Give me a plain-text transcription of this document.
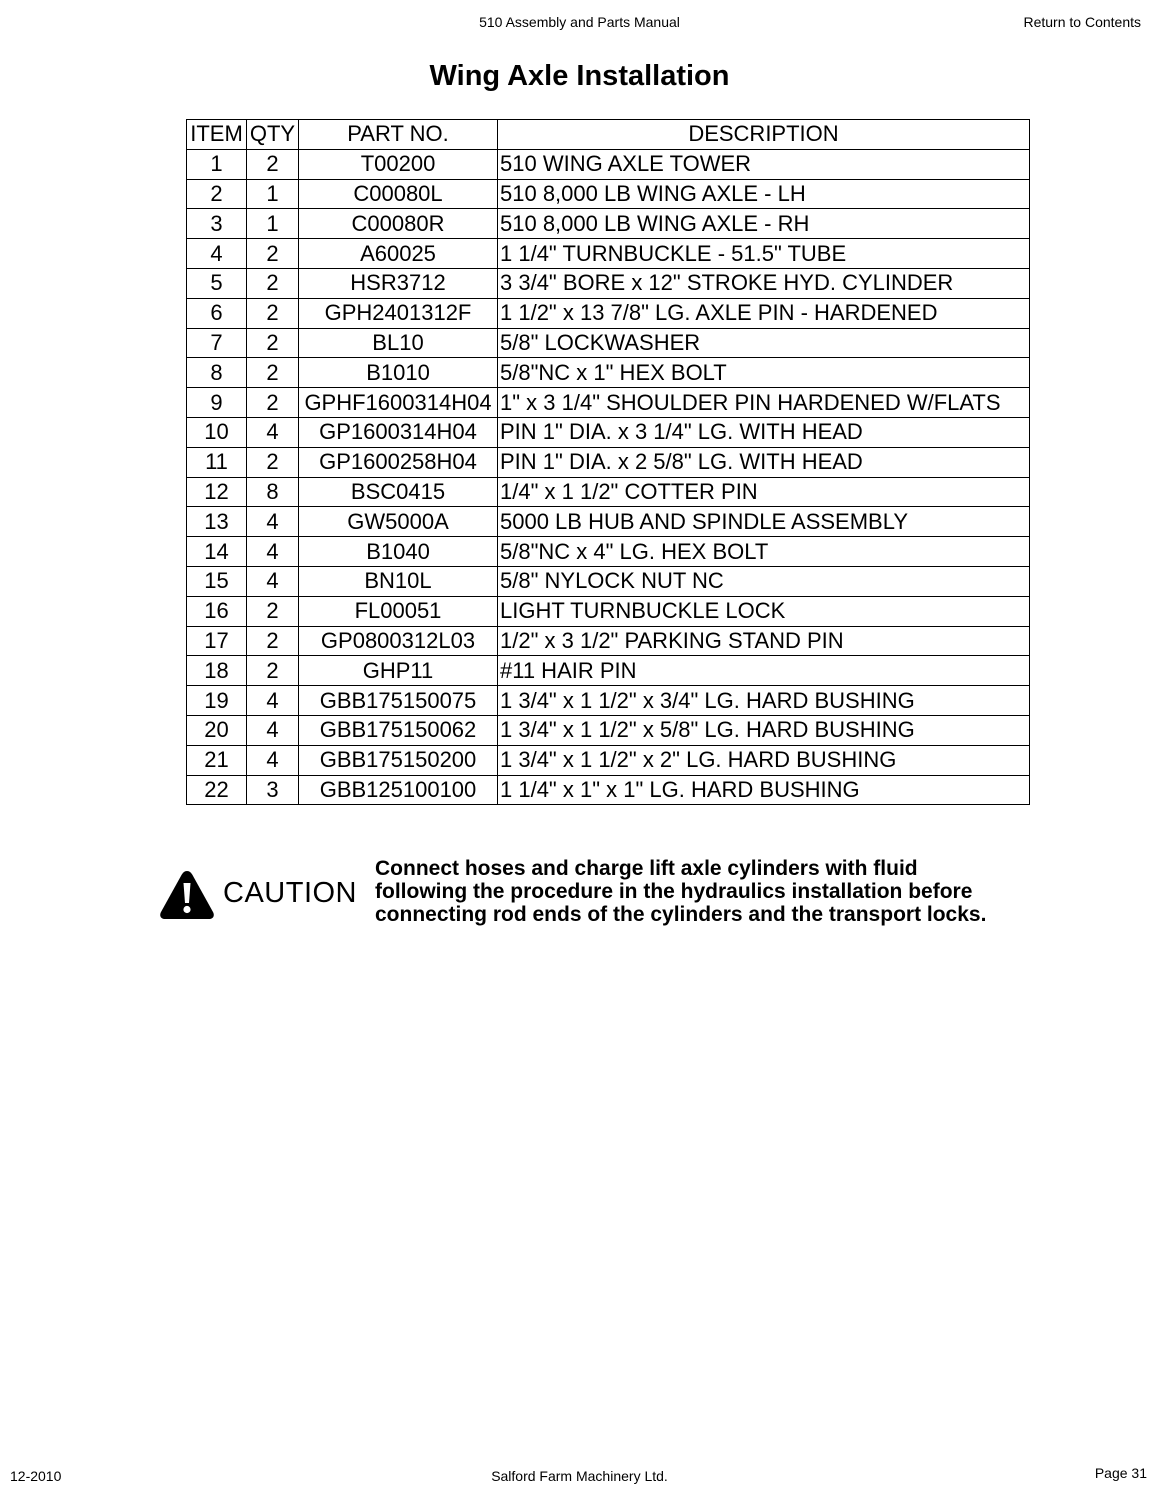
510 Assembly and Parts Manual	Return to Contents
Wing Axle Installation
ITEM	QTY	PART NO.	DESCRIPTION
1	2	T00200	510 WING AXLE TOWER
2	1	C00080L	510 8,000 LB WING AXLE - LH
3	1	C00080R	510 8,000 LB WING AXLE - RH
4	2	A60025	1 1/4" TURNBUCKLE - 51.5" TUBE
5	2	HSR3712	3 3/4" BORE x 12" STROKE HYD. CYLINDER
6	2	GPH2401312F	1 1/2" x 13 7/8" LG. AXLE PIN - HARDENED
7	2	BL10	5/8" LOCKWASHER
8	2	B1010	5/8"NC x 1" HEX BOLT
9	2	GPHF1600314H04	1" x 3 1/4" SHOULDER PIN HARDENED W/FLATS
10	4	GP1600314H04	PIN 1" DIA. x 3 1/4" LG. WITH HEAD
11	2	GP1600258H04	PIN 1" DIA. x 2 5/8" LG. WITH HEAD
12	8	BSC0415	1/4" x 1 1/2" COTTER PIN
13	4	GW5000A	5000 LB HUB AND SPINDLE ASSEMBLY
14	4	B1040	5/8"NC x 4" LG. HEX BOLT
15	4	BN10L	5/8" NYLOCK NUT NC
16	2	FL00051	LIGHT TURNBUCKLE LOCK
17	2	GP0800312L03	1/2" x 3 1/2" PARKING STAND PIN
18	2	GHP11	#11 HAIR PIN
19	4	GBB175150075	1 3/4" x 1 1/2" x 3/4" LG. HARD BUSHING
20	4	GBB175150062	1 3/4" x 1 1/2" x 5/8" LG. HARD BUSHING
21	4	GBB175150200	1 3/4" x 1 1/2" x 2" LG. HARD BUSHING
22	3	GBB125100100	1 1/4" x 1" x 1" LG. HARD BUSHING
CAUTION
Connect hoses and charge lift axle cylinders with fluid
following the procedure in the hydraulics installation before
connecting rod ends of the cylinders and the transport locks.
12-2010	Salford Farm Machinery Ltd.	Page 31
